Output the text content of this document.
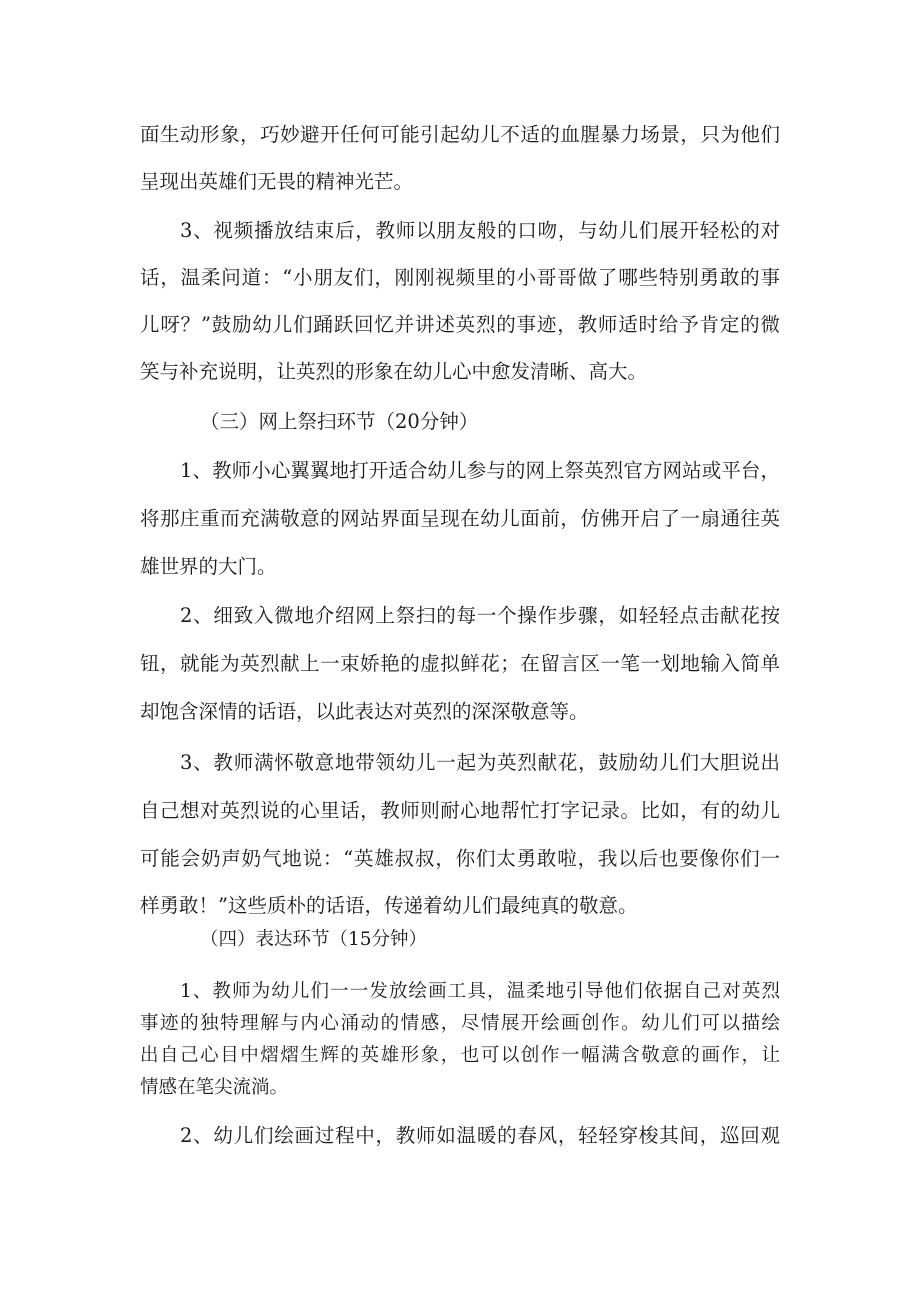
面生动形象，巧妙避开任何可能引起幼儿不适的血腥暴力场景，只为他们
呈现出英雄们无畏的精神光芒。
3、视频播放结束后，教师以朋友般的口吻，与幼儿们展开轻松的对
话，温柔问道：“小朋友们，刚刚视频里的小哥哥做了哪些特别勇敢的事
儿呀？”鼓励幼儿们踊跃回忆并讲述英烈的事迹，教师适时给予肯定的微
笑与补充说明，让英烈的形象在幼儿心中愈发清晰、高大。
（三）网上祭扫环节（20分钟）
1、教师小心翼翼地打开适合幼儿参与的网上祭英烈官方网站或平台，
将那庄重而充满敬意的网站界面呈现在幼儿面前，仿佛开启了一扇通往英
雄世界的大门。
2、细致入微地介绍网上祭扫的每一个操作步骤，如轻轻点击献花按
钮，就能为英烈献上一束娇艳的虚拟鲜花；在留言区一笔一划地输入简单
却饱含深情的话语，以此表达对英烈的深深敬意等。
3、教师满怀敬意地带领幼儿一起为英烈献花，鼓励幼儿们大胆说出
自己想对英烈说的心里话，教师则耐心地帮忙打字记录。比如，有的幼儿
可能会奶声奶气地说：“英雄叔叔，你们太勇敢啦，我以后也要像你们一
样勇敢！”这些质朴的话语，传递着幼儿们最纯真的敬意。
（四）表达环节（15分钟）
1、教师为幼儿们一一发放绘画工具，温柔地引导他们依据自己对英烈
事迹的独特理解与内心涌动的情感，尽情展开绘画创作。幼儿们可以描绘
出自己心目中熠熠生辉的英雄形象，也可以创作一幅满含敬意的画作，让
情感在笔尖流淌。
2、幼儿们绘画过程中，教师如温暖的春风，轻轻穿梭其间，巡回观
